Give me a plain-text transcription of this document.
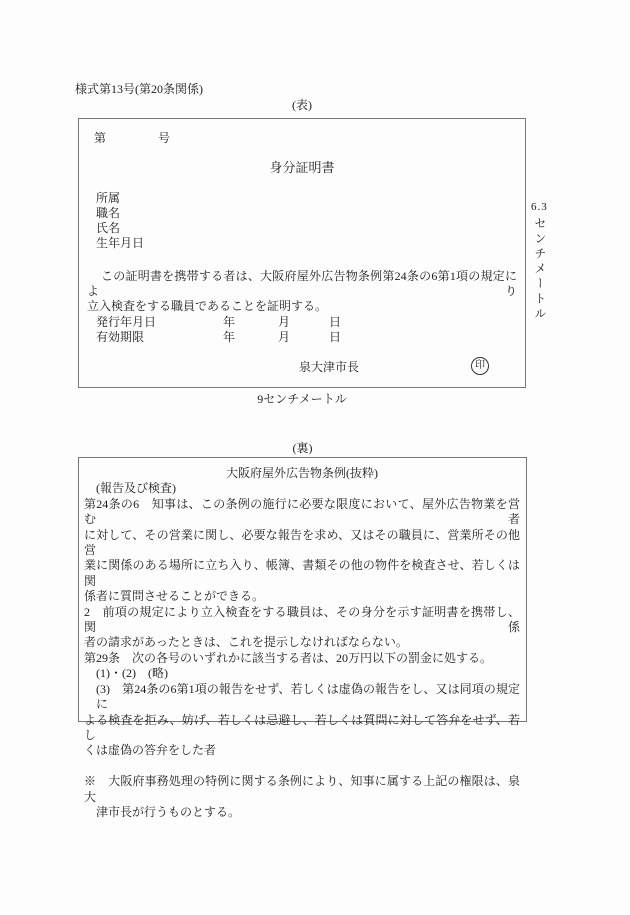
様式第13号(第20条関係)
(表)
第	号
身分証明書
所属
職名
氏名
生年月日
この証明書を携帯する者は、大阪府屋外広告物条例第24条の6第1項の規定により
立入検査をする職員であることを証明する。
発行年月日	年	月	日
有効期限	年	月	日
泉大津市長	印
6.3
センチメートル
9センチメートル
(裏)
大阪府屋外広告物条例(抜粋)
(報告及び検査)
第24条の6　知事は、この条例の施行に必要な限度において、屋外広告物業を営む者
に対して、その営業に関し、必要な報告を求め、又はその職員に、営業所その他営
業に関係のある場所に立ち入り、帳簿、書類その他の物件を検査させ、若しくは関
係者に質問させることができる。
2　前項の規定により立入検査をする職員は、その身分を示す証明書を携帯し、関係
者の請求があったときは、これを提示しなければならない。
第29条　次の各号のいずれかに該当する者は、20万円以下の罰金に処する。
(1)・(2)　(略)
(3)　第24条の6第1項の報告をせず、若しくは虚偽の報告をし、又は同項の規定に
よる検査を拒み、妨げ、若しくは忌避し、若しくは質問に対して答弁をせず、若し
くは虚偽の答弁をした者
※　大阪府事務処理の特例に関する条例により、知事に属する上記の権限は、泉大
津市長が行うものとする。
